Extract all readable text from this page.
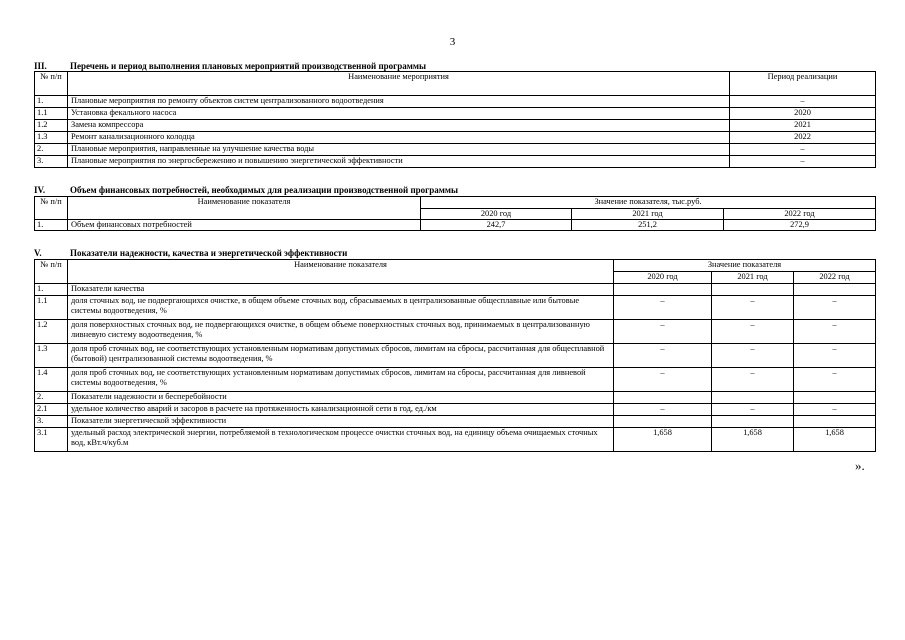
3
III.	Перечень и период выполнения плановых мероприятий производственной программы
№ п/п	Наименование мероприятия	Период реализации
1.	Плановые мероприятия по ремонту объектов систем централизованного водоотведения	–
1.1	Установка фекального насоса	2020
1.2	Замена компрессора	2021
1.3	Ремонт канализационного колодца	2022
2.	Плановые мероприятия, направленные на улучшение качества воды	–
3.	Плановые мероприятия по энергосбережению и повышению энергетической эффективности	–
IV.	Объем финансовых потребностей, необходимых для реализации производственной программы
№ п/п	Наименование показателя	Значение показателя, тыс.руб.		
		2020 год	2021 год	2022 год
1.	Объем финансовых потребностей	242,7	251,2	272,9
V.	Показатели надежности, качества и энергетической эффективности
№ п/п	Наименование показателя	Значение показателя		
		2020 год	2021 год	2022 год
1.	Показатели качества			
1.1	доля сточных вод, не подвергающихся очистке, в общем объеме сточных вод, сбрасываемых в централизованные общесплавные или бытовые системы водоотведения, %	–	–	–
1.2	доля поверхностных сточных вод, не подвергающихся очистке, в общем объеме поверхностных сточных вод, принимаемых в централизованную ливневую систему водоотведения, %	–	–	–
1.3	доля проб сточных вод, не соответствующих установленным нормативам допустимых сбросов, лимитам на сбросы, рассчитанная для общесплавной (бытовой) централизованной системы водоотведения, %	–	–	–
1.4	доля проб сточных вод, не соответствующих установленным нормативам допустимых сбросов, лимитам на сбросы, рассчитанная для ливневой системы водоотведения, %	–	–	–
2.	Показатели надежности и бесперебойности			
2.1	удельное количество аварий и засоров в расчете на протяженность канализационной сети в год, ед./км	–	–	–
3.	Показатели энергетической эффективности			
3.1	удельный расход электрической энергии, потребляемой в технологическом процессе очистки сточных вод, на единицу объема очищаемых сточных вод, кВт.ч/куб.м	1,658	1,658	1,658
».
